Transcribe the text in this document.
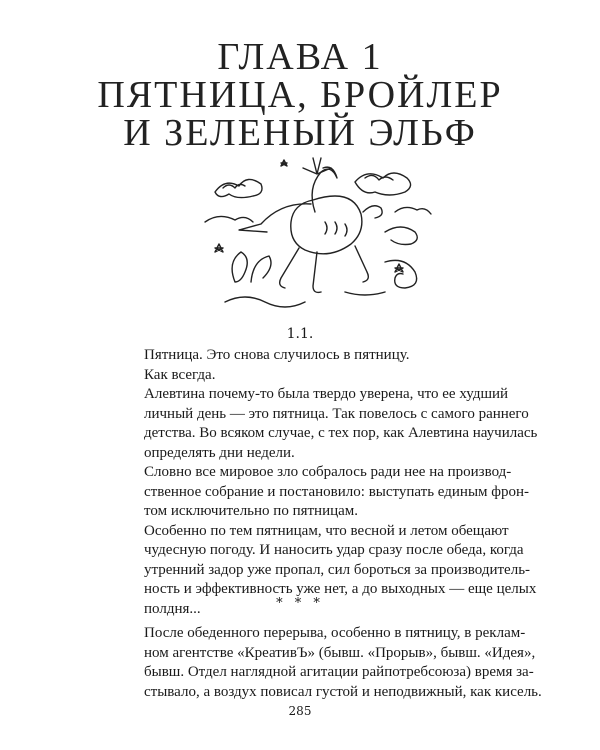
ГЛАВА 1
ПЯТНИЦА, БРОЙЛЕР
И ЗЕЛЕНЫЙ ЭЛЬФ
1.1.

Пятница. Это снова случилось в пятницу.

Как всегда.

Алевтина почему-то была твердо уверена, что ее худший
личный день — это пятница. Так повелось с самого раннего
детства. Во всяком случае, с тех пор, как Алевтина научилась
определять дни недели.

Словно все мировое зло собралось ради нее на производ-
ственное собрание и постановило: выступать единым фрон-
том исключительно по пятницам.

Особенно по тем пятницам, что весной и летом обещают
чудесную погоду. И наносить удар сразу после обеда, когда
утренний задор уже пропал, сил бороться за производитель-
ность и эффективность уже нет, а до выходных — еще целых
полдня...	* * *

После обеденного перерыва, особенно в пятницу, в реклам-
ном агентстве «КреативЪ» (бывш. «Прорыв», бывш. «Идея»,
бывш. Отдел наглядной агитации райпотребсоюза) время за-
стывало, а воздух повисал густой и неподвижный, как кисель.

285
